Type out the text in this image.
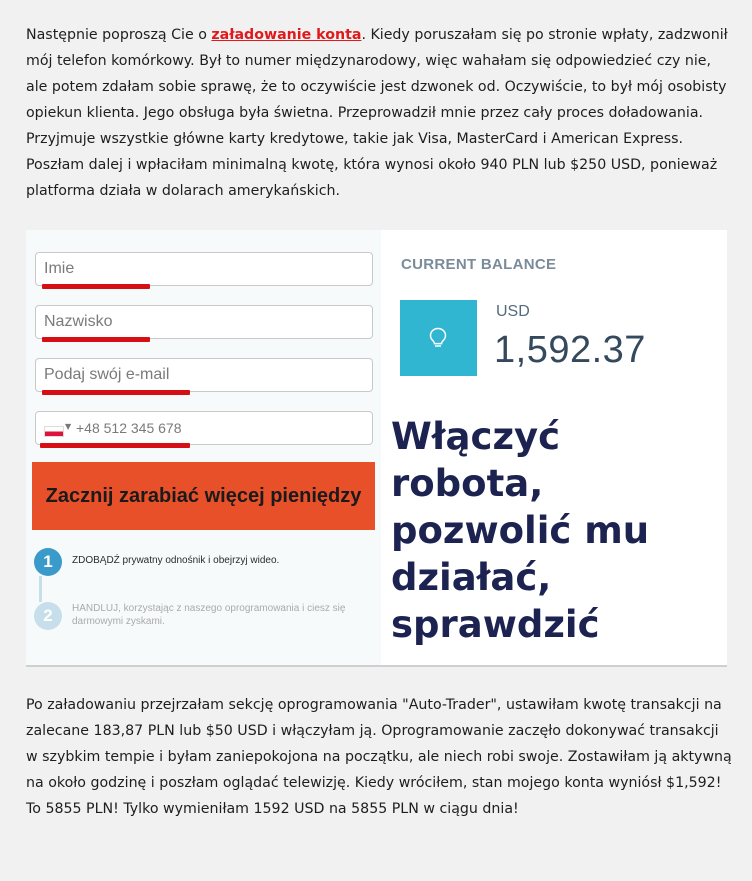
Następnie poproszą Cie o załadowanie konta. Kiedy poruszałam się po stronie wpłaty, zadzwonił mój telefon komórkowy. Był to numer międzynarodowy, więc wahałam się odpowiedzieć czy nie, ale potem zdałam sobie sprawę, że to oczywiście jest dzwonek od. Oczywiście, to był mój osobisty opiekun klienta. Jego obsługa była świetna. Przeprowadził mnie przez cały proces doładowania. Przyjmuje wszystkie główne karty kredytowe, takie jak Visa, MasterCard i American Express. Poszłam dalej i wpłaciłam minimalną kwotę, która wynosi około 940 PLN lub $250 USD, ponieważ platforma działa w dolarach amerykańskich.

Imie
Nazwisko
Podaj swój e-mail
▼ +48 512 345 678
Zacznij zarabiać więcej pieniędzy
1	ZDOBĄDŹ prywatny odnośnik i obejrzyj wideo.
2	HANDLUJ, korzystając z naszego oprogramowania i ciesz się darmowymi zyskami.
CURRENT BALANCE
USD
1,592.37
Włączyć robota, pozwolić mu działać, sprawdzić

Po załadowaniu przejrzałam sekcję oprogramowania "Auto-Trader", ustawiłam kwotę transakcji na zalecane 183,87 PLN lub $50 USD i włączyłam ją. Oprogramowanie zaczęło dokonywać transakcji w szybkim tempie i byłam zaniepokojona na początku, ale niech robi swoje. Zostawiłam ją aktywną na około godzinę i poszłam oglądać telewizję. Kiedy wróciłem, stan mojego konta wyniósł $1,592! To 5855 PLN! Tylko wymieniłam 1592 USD na 5855 PLN w ciągu dnia!
